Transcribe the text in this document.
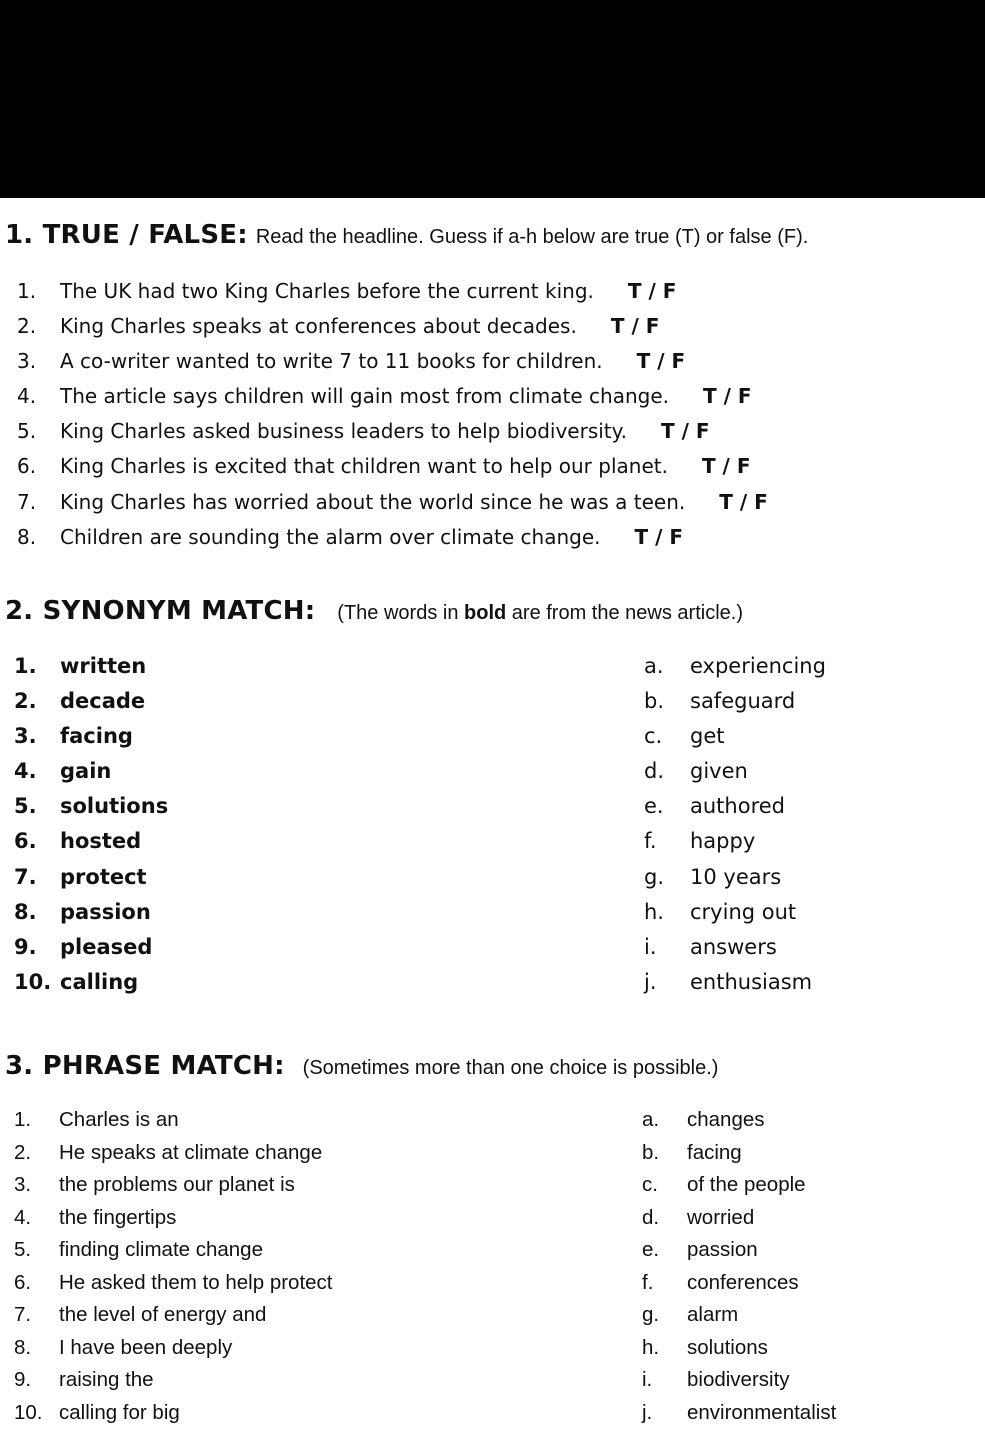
1. TRUE / FALSE: Read the headline. Guess if a-h below are true (T) or false (F).
1. The UK had two King Charles before the current king. T / F
2. King Charles speaks at conferences about decades. T / F
3. A co-writer wanted to write 7 to 11 books for children. T / F
4. The article says children will gain most from climate change. T / F
5. King Charles asked business leaders to help biodiversity. T / F
6. King Charles is excited that children want to help our planet. T / F
7. King Charles has worried about the world since he was a teen. T / F
8. Children are sounding the alarm over climate change. T / F
2. SYNONYM MATCH: (The words in bold are from the news article.)
1. written
2. decade
3. facing
4. gain
5. solutions
6. hosted
7. protect
8. passion
9. pleased
10. calling
a. experiencing
b. safeguard
c. get
d. given
e. authored
f. happy
g. 10 years
h. crying out
i. answers
j. enthusiasm
3. PHRASE MATCH: (Sometimes more than one choice is possible.)
1. Charles is an
2. He speaks at climate change
3. the problems our planet is
4. the fingertips
5. finding climate change
6. He asked them to help protect
7. the level of energy and
8. I have been deeply
9. raising the
10. calling for big
a. changes
b. facing
c. of the people
d. worried
e. passion
f. conferences
g. alarm
h. solutions
i. biodiversity
j. environmentalist
